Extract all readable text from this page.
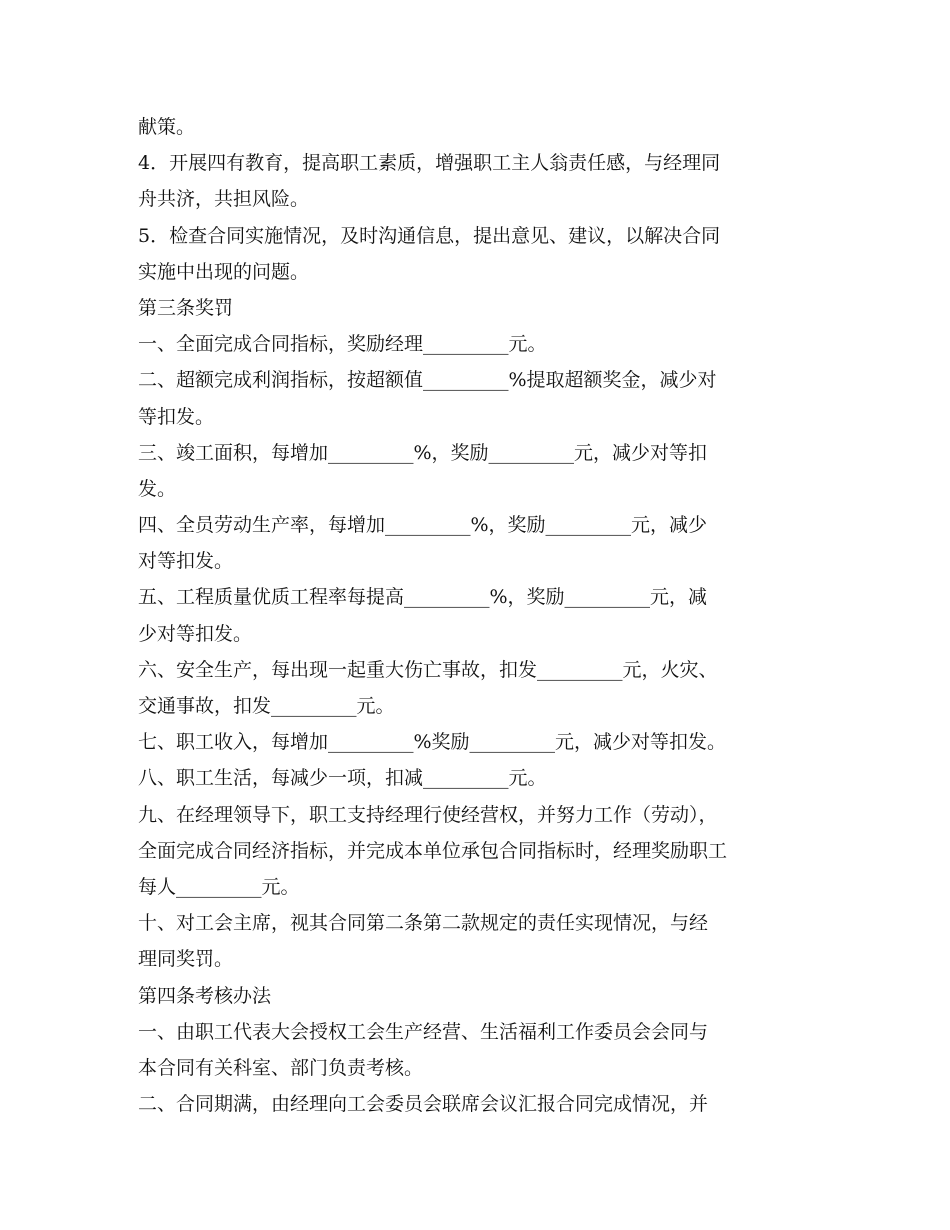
献策。
4．开展四有教育，提高职工素质，增强职工主人翁责任感，与经理同
舟共济，共担风险。
5．检查合同实施情况，及时沟通信息，提出意见、建议，以解决合同
实施中出现的问题。
第三条奖罚
一、全面完成合同指标，奖励经理_________元。
二、超额完成利润指标，按超额值_________%提取超额奖金，减少对
等扣发。
三、竣工面积，每增加_________%，奖励_________元，减少对等扣
发。
四、全员劳动生产率，每增加_________%，奖励_________元，减少
对等扣发。
五、工程质量优质工程率每提高_________%，奖励_________元，减
少对等扣发。
六、安全生产，每出现一起重大伤亡事故，扣发_________元，火灾、
交通事故，扣发_________元。
七、职工收入，每增加_________%奖励_________元，减少对等扣发。
八、职工生活，每减少一项，扣减_________元。
九、在经理领导下，职工支持经理行使经营权，并努力工作（劳动），
全面完成合同经济指标，并完成本单位承包合同指标时，经理奖励职工
每人_________元。
十、对工会主席，视其合同第二条第二款规定的责任实现情况，与经
理同奖罚。
第四条考核办法
一、由职工代表大会授权工会生产经营、生活福利工作委员会会同与
本合同有关科室、部门负责考核。
二、合同期满，由经理向工会委员会联席会议汇报合同完成情况，并
